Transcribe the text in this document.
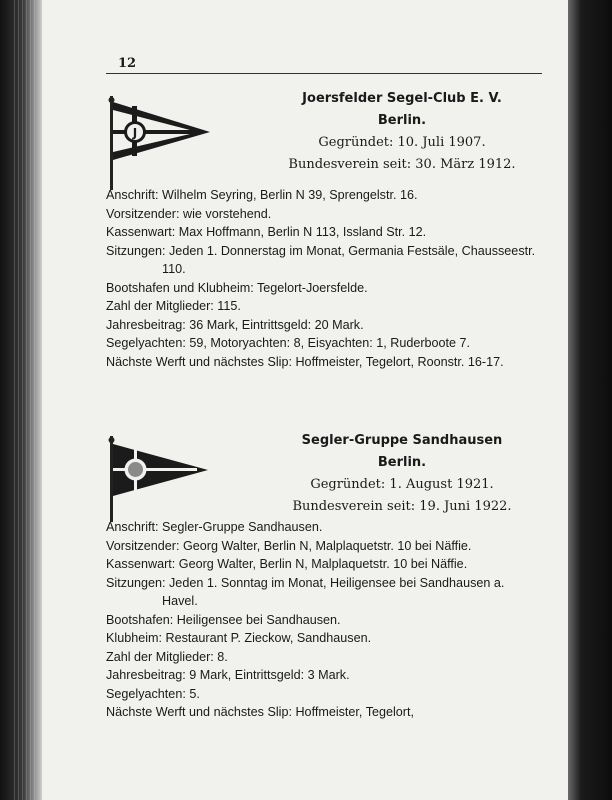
12
J
Joersfelder Segel-Club E. V.
Berlin.
Gegründet: 10. Juli 1907.
Bundesverein seit: 30. März 1912.
Anschrift: Wilhelm Seyring, Berlin N 39, Sprengelstr. 16.
Vorsitzender: wie vorstehend.
Kassenwart: Max Hoffmann, Berlin N 113, Issland Str. 12.
Sitzungen: Jeden 1. Donnerstag im Monat, Germania Festsäle, Chausseestr. 110.
Bootshafen und Klubheim: Tegelort-Joersfelde.
Zahl der Mitglieder: 115.
Jahresbeitrag: 36 Mark, Eintrittsgeld: 20 Mark.
Segelyachten: 59, Motoryachten: 8, Eisyachten: 1, Ruderboote 7.
Nächste Werft und nächstes Slip: Hoffmeister, Tegelort, Roonstr. 16-17.
Segler-Gruppe Sandhausen
Berlin.
Gegründet: 1. August 1921.
Bundesverein seit: 19. Juni 1922.
Anschrift: Segler-Gruppe Sandhausen.
Vorsitzender: Georg Walter, Berlin N, Malplaquetstr. 10 bei Näffie.
Kassenwart: Georg Walter, Berlin N, Malplaquetstr. 10 bei Näffie.
Sitzungen: Jeden 1. Sonntag im Monat, Heiligensee bei Sandhausen a. Havel.
Bootshafen: Heiligensee bei Sandhausen.
Klubheim: Restaurant P. Zieckow, Sandhausen.
Zahl der Mitglieder: 8.
Jahresbeitrag: 9 Mark, Eintrittsgeld: 3 Mark.
Segelyachten: 5.
Nächste Werft und nächstes Slip: Hoffmeister, Tegelort,
